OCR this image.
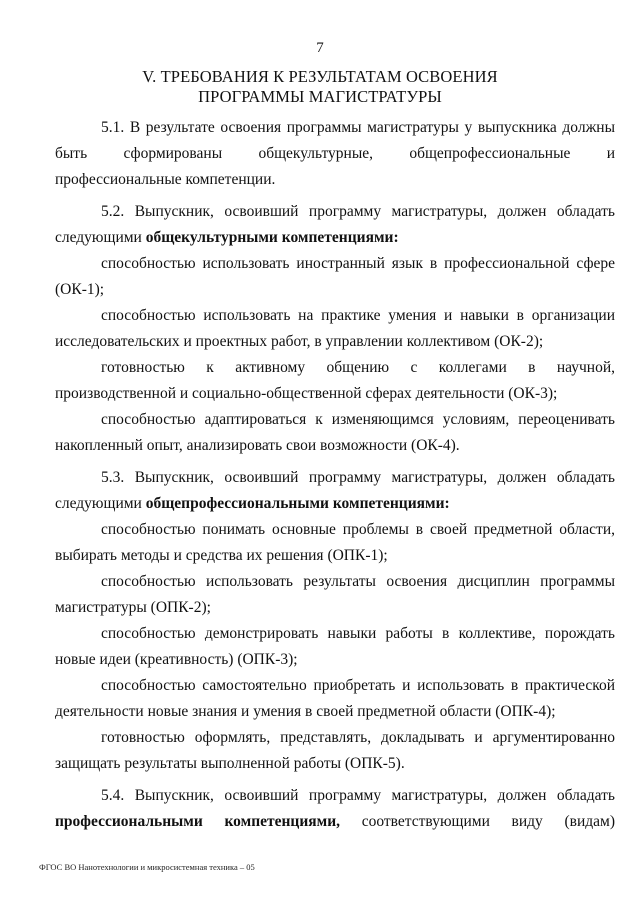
7
V. ТРЕБОВАНИЯ К РЕЗУЛЬТАТАМ ОСВОЕНИЯ
ПРОГРАММЫ МАГИСТРАТУРЫ

5.1. В результате освоения программы магистратуры у выпускника должны быть сформированы общекультурные, общепрофессиональные и профессиональные компетенции.

5.2. Выпускник, освоивший программу магистратуры, должен обладать следующими общекультурными компетенциями:

способностью использовать иностранный язык в профессиональной сфере (ОК-1);

способностью использовать на практике умения и навыки в организации исследовательских и проектных работ, в управлении коллективом (ОК-2);

готовностью к активному общению с коллегами в научной, производственной и социально-общественной сферах деятельности (ОК-3);

способностью адаптироваться к изменяющимся условиям, переоценивать накопленный опыт, анализировать свои возможности (ОК-4).

5.3. Выпускник, освоивший программу магистратуры, должен обладать следующими общепрофессиональными компетенциями:

способностью понимать основные проблемы в своей предметной области, выбирать методы и средства их решения (ОПК-1);

способностью использовать результаты освоения дисциплин программы магистратуры (ОПК-2);

способностью демонстрировать навыки работы в коллективе, порождать новые идеи (креативность) (ОПК-3);

способностью самостоятельно приобретать и использовать в практической деятельности новые знания и умения в своей предметной области (ОПК-4);

готовностью оформлять, представлять, докладывать и аргументированно защищать результаты выполненной работы (ОПК-5).

5.4. Выпускник, освоивший программу магистратуры, должен обладать

профессиональными компетенциями, соответствующими виду (видам)

ФГОС ВО Нанотехнологии и микросистемная техника – 05
